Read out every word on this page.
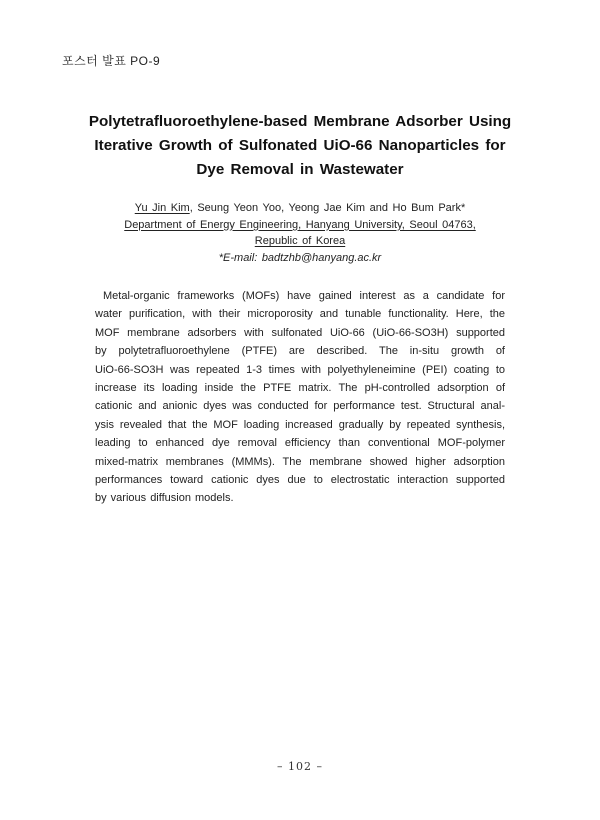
포스터 발표 PO-9
Polytetrafluoroethylene-based Membrane Adsorber Using
Iterative Growth of Sulfonated UiO-66 Nanoparticles for
Dye Removal in Wastewater
Yu Jin Kim, Seung Yeon Yoo, Yeong Jae Kim and Ho Bum Park*
Department of Energy Engineering, Hanyang University, Seoul 04763,
Republic of Korea
*E-mail: badtzhb@hanyang.ac.kr
Metal-organic frameworks (MOFs) have gained interest as a candidate for
water purification, with their microporosity and tunable functionality. Here, the
MOF membrane adsorbers with sulfonated UiO-66 (UiO-66-SO3H) supported
by polytetrafluoroethylene (PTFE) are described. The in-situ growth of
UiO-66-SO3H was repeated 1-3 times with polyethyleneimine (PEI) coating to
increase its loading inside the PTFE matrix. The pH-controlled adsorption of
cationic and anionic dyes was conducted for performance test. Structural anal-
ysis revealed that the MOF loading increased gradually by repeated synthesis,
leading to enhanced dye removal efficiency than conventional MOF-polymer
mixed-matrix membranes (MMMs). The membrane showed higher adsorption
performances toward cationic dyes due to electrostatic interaction supported
by various diffusion models.
– 102 –
